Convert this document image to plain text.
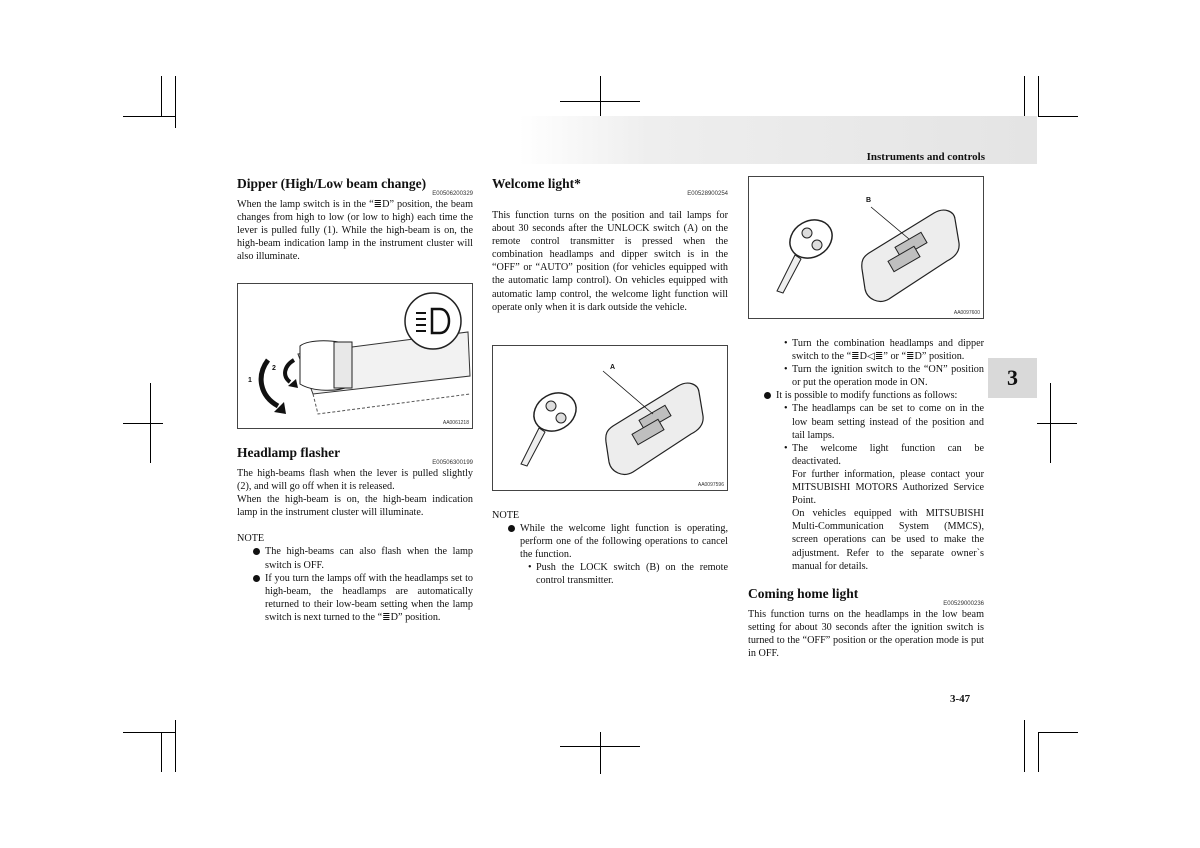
Instruments and controls
3
3-47
Dipper (High/Low beam change)
E00506200329

When the lamp switch is in the “≣D” position, the beam changes from high to low (or low to high) each time the lever is pulled fully (1). While the high-beam is on, the high-beam indication lamp in the instrument cluster will also illuminate.

1
2
AA0061218
Headlamp flasher
E00506300199

The high-beams flash when the lever is pulled slightly (2), and will go off when it is released.

When the high-beam is on, the high-beam indication lamp in the instrument cluster will illuminate.

NOTE

The high-beams can also flash when the lamp switch is OFF.
If you turn the lamps off with the headlamps set to high-beam, the headlamps are automatically returned to their low-beam setting when the lamp switch is next turned to the “≣D” position.
Welcome light*
E00528900254

This function turns on the position and tail lamps for about 30 seconds after the UNLOCK switch (A) on the remote control transmitter is pressed when the combination headlamps and dipper switch is in the “OFF” or “AUTO” position (for vehicles equipped with the automatic lamp control). On vehicles equipped with automatic lamp control, the welcome light function will operate only when it is dark outside the vehicle.

A
AA0097596

NOTE

While the welcome light function is operating, perform one of the following operations to cancel the function.
• Push the LOCK switch (B) on the remote control transmitter.
B
AA0097600
• Turn the combination headlamps and dipper switch to the “≣D◁≣” or “≣D” position.
• Turn the ignition switch to the “ON” position or put the operation mode in ON.
It is possible to modify functions as follows:
• The headlamps can be set to come on in the low beam setting instead of the position and tail lamps.
• The welcome light function can be deactivated.
For further information, please contact your MITSUBISHI MOTORS Authorized Service Point.
On vehicles equipped with MITSUBISHI Multi-Communication System (MMCS), screen operations can be used to make the adjustment. Refer to the separate owner`s manual for details.
Coming home light
E00529000236

This function turns on the headlamps in the low beam setting for about 30 seconds after the ignition switch is turned to the “OFF” position or the operation mode is put in OFF.
